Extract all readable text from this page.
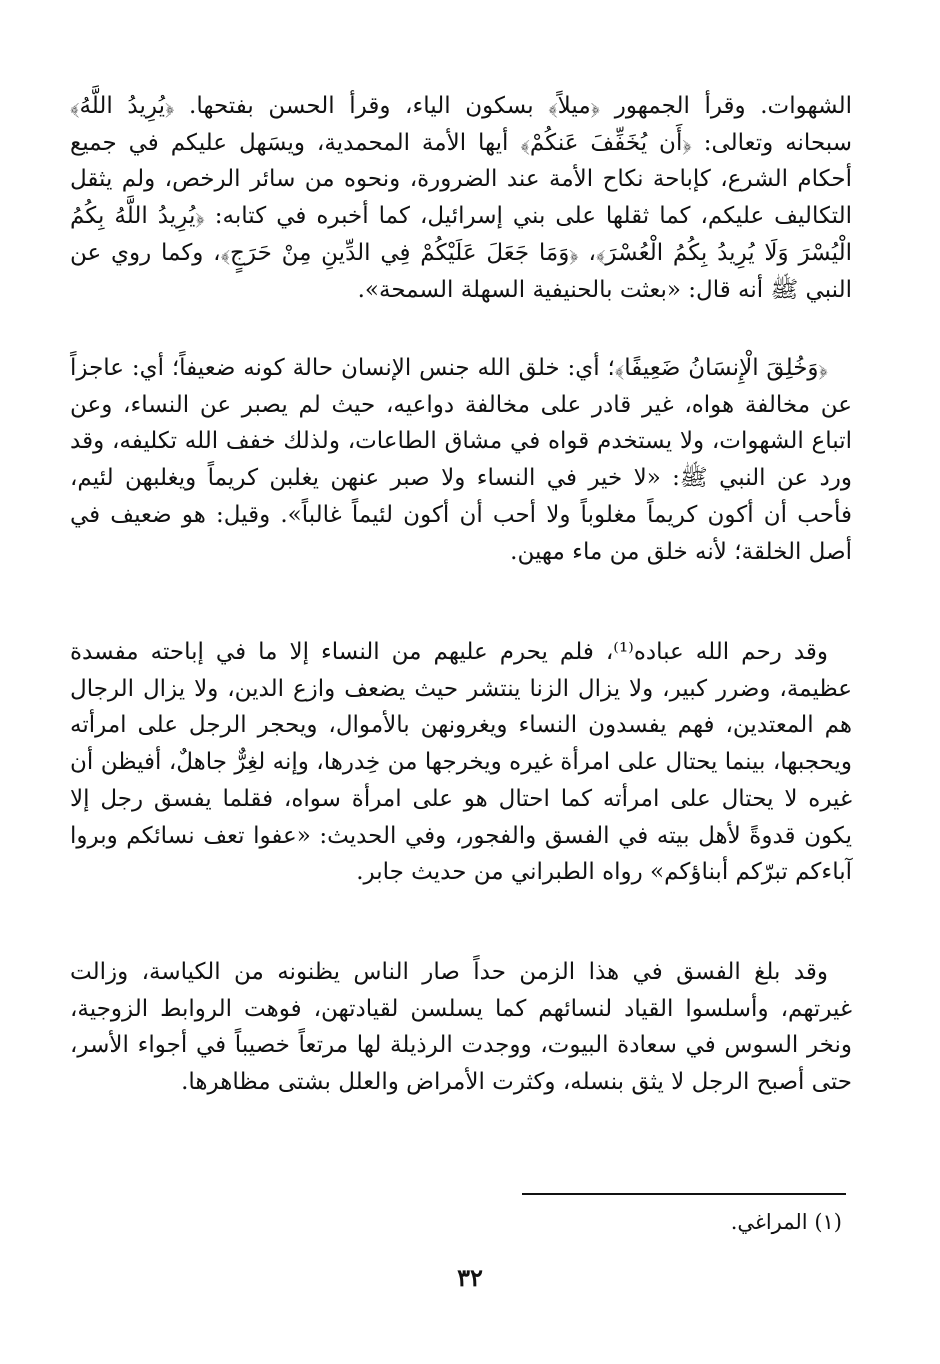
الشهوات. وقرأ الجمهور ﴿ميلاً﴾ بسكون الياء، وقرأ الحسن بفتحها. ﴿يُرِيدُ اللَّهُ﴾ سبحانه وتعالى: ﴿أَن يُخَفِّفَ عَنكُمْ﴾ أيها الأمة المحمدية، ويسَهل عليكم في جميع أحكام الشرع، كإباحة نكاح الأمة عند الضرورة، ونحوه من سائر الرخص، ولم يثقل التكاليف عليكم، كما ثقلها على بني إسرائيل، كما أخبره في كتابه: ﴿يُرِيدُ اللَّهُ بِكُمُ الْيُسْرَ وَلَا يُرِيدُ بِكُمُ الْعُسْرَ﴾، ﴿وَمَا جَعَلَ عَلَيْكُمْ فِي الدِّينِ مِنْ حَرَجٍ﴾، وكما روي عن النبي ﷺ أنه قال: «بعثت بالحنيفية السهلة السمحة».

﴿وَخُلِقَ الْإِنسَانُ ضَعِيفًا﴾؛ أي: خلق الله جنس الإنسان حالة كونه ضعيفاً؛ أي: عاجزاً عن مخالفة هواه، غير قادر على مخالفة دواعيه، حيث لم يصبر عن النساء، وعن اتباع الشهوات، ولا يستخدم قواه في مشاق الطاعات، ولذلك خفف الله تكليفه، وقد ورد عن النبي ﷺ: «لا خير في النساء ولا صبر عنهن يغلبن كريماً ويغلبهن لئيم، فأحب أن أكون كريماً مغلوباً ولا أحب أن أكون لئيماً غالباً». وقيل: هو ضعيف في أصل الخلقة؛ لأنه خلق من ماء مهين.

وقد رحم الله عباده⁽¹⁾، فلم يحرم عليهم من النساء إلا ما في إباحته مفسدة عظيمة، وضرر كبير، ولا يزال الزنا ينتشر حيث يضعف وازع الدين، ولا يزال الرجال هم المعتدين، فهم يفسدون النساء ويغرونهن بالأموال، ويحجر الرجل على امرأته ويحجبها، بينما يحتال على امرأة غيره ويخرجها من خِدرها، وإنه لغِرٌّ جاهلٌ، أفيظن أن غيره لا يحتال على امرأته كما احتال هو على امرأة سواه، فقلما يفسق رجل إلا يكون قدوةً لأهل بيته في الفسق والفجور، وفي الحديث: «عفوا تعف نسائكم وبروا آباءكم تبرّكم أبناؤكم» رواه الطبراني من حديث جابر.

وقد بلغ الفسق في هذا الزمن حداً صار الناس يظنونه من الكياسة، وزالت غيرتهم، وأسلسوا القياد لنسائهم كما يسلسن لقيادتهن، فوهت الروابط الزوجية، ونخر السوس في سعادة البيوت، ووجدت الرذيلة لها مرتعاً خصيباً في أجواء الأسر، حتى أصبح الرجل لا يثق بنسله، وكثرت الأمراض والعلل بشتى مظاهرها.

(١) المراغي.
٣٢
